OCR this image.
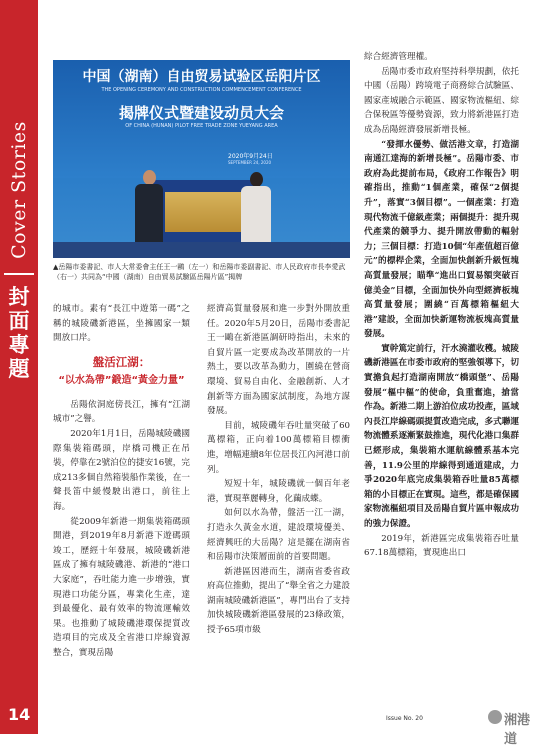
Cover Stories
封面專題
14
中国（湖南）自由贸易试验区岳阳片区
THE OPENING CEREMONY AND CONSTRUCTION COMMENCEMENT CONFERENCE
揭牌仪式暨建设动员大会
OF CHINA (HUNAN) PILOT FREE TRADE ZONE YUEYANG AREA
2020年9月24日
SEPTEMBER 24, 2020
▲岳陽市委書記、市人大常委會主任王一鷗（左一）和岳陽市委副書記、市人民政府市長李愛武（右一）共同為“中國（湖南）自由貿易試驗區岳陽片區”揭牌

的城市。素有“長江中遊第一碼”之稱的城陵磯新港區，坐擁國家一類開放口岸。

盤活江湖：
“以水為帶”鍛造“黃金力量”

岳陽依洞庭傍長江，擁有“江湖城市”之譽。

2020年1月1日，岳陽城陵磯國際集裝箱碼頭，岸橋司機正在吊裝，停靠在2號泊位的捷安16號，完成213多個自然箱裝船作業後，在一聲長笛中緩慢駛出港口，前往上海。

從2009年新港一期集裝箱碼頭開港，到2019年8月新港下遊碼頭竣工，歷經十年發展，城陵磯新港區成了擁有城陵磯港、新港的“港口大家庭”，吞吐能力進一步增強，實現港口功能分區，專業化生產，達到最優化、最有效率的物流運輸效果。也推動了城陵磯港環保提質改造項目的完成及全省港口岸線資源整合，實現岳陽

經濟高質量發展和進一步對外開放重任。2020年5月20日，岳陽市委書記王一鷗在新港區調研時指出，未來的自貿片區一定要成為改革開放的一片熱土，要以改革為動力，圍繞在營商環境、貿易自由化、金融創新、人才創新等方面為國家試制度，為地方謀發展。

目前，城陵磯年吞吐量突破了60萬標箱，正向着100萬標箱目標衝進，增幅連續8年位居長江內河港口前列。

短短十年，城陵磯就一個百年老港，實現華麗轉身，化繭成蝶。

如何以水為帶，盤活一江一湖，打造永久黃金水道，建設環境優美、經濟興旺的大岳陽？這是擺在湖南省和岳陽市決策層面前的首要問題。

新港區因港而生，湖南省委省政府高位推動，提出了“舉全省之力建設湖南城陵磯新港區”，專門出台了支持加快城陵磯新港區發展的23條政策，授予65項市級

綜合經濟管理權。

岳陽市委市政府堅持科學規劃，依托中國（岳陽）跨境電子商務綜合試驗區、國家產城融合示範區、國家物流樞紐、綜合保稅區等優勢資源，致力將新港區打造成為岳陽經濟發展新增長極。

“發揮水優勢、做活港文章，打造湖南通江達海的新增長極”。岳陽市委、市政府為此提前布局，《政府工作報告》明確指出，推動“1個產業，確保“2個提升”，落實“3個目標”。一個產業：打造現代物流千億級產業；兩個提升：提升現代產業的競爭力、提升開放帶動的輻射力；三個目標：打造10個“年產值超百億元”的標桿企業，全面加快創新升級恆塊高質量發展；瞄準“進出口貿易額突破百億美金”目標，全面加快外向型經濟板塊高質量發展；圍繞“百萬標箱樞紐大港”建設，全面加快新運物流板塊高質量發展。

實幹篤定前行，汗水澆灌收穫。城陵磯新港區在市委市政府的堅強領導下，切實擔負起打造湖南開放“橋頭堡”、岳陽發展“樞中樞”的使命，負重奮進，搶當作為。新港二期上游泊位成功投產，區域內長江岸線碼頭提質改造完成，多式聯運物流體系逐漸緊鼓推進，現代化港口集群已經形成，集裝箱水運航線體系基本完善，11.9公里的岸線得到通道建成，力爭2020年底完成集裝箱吞吐量85萬標箱的小目標正在實現。這些，都是確保國家物流樞紐項目及岳陽自貿片區申報成功的強力保證。

2019年，新港區完成集裝箱吞吐量67.18萬標箱，實現進出口

Issue No. 20	湘港道
